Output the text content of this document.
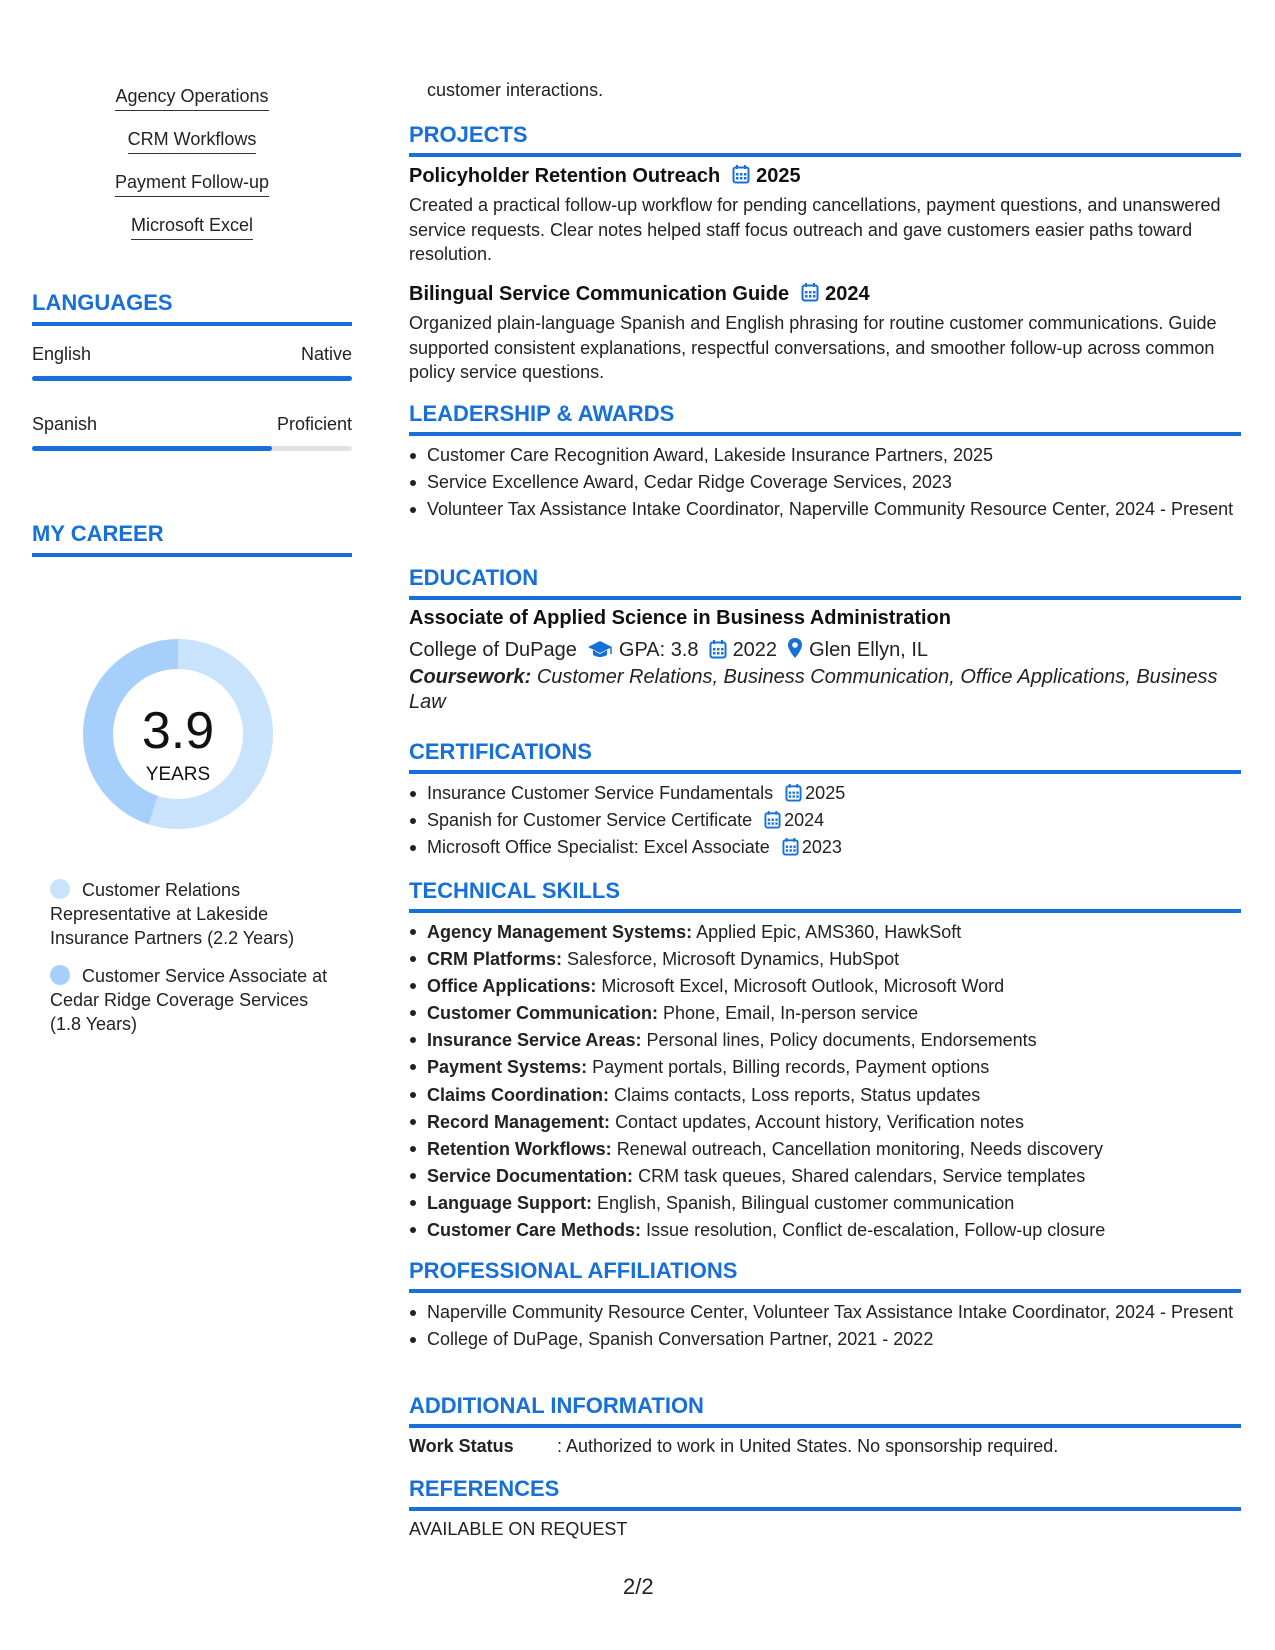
Agency Operations
CRM Workflows
Payment Follow-up
Microsoft Excel
LANGUAGES
English	Native
Spanish	Proficient
MY CAREER
3.9
YEARS
Customer Relations Representative at Lakeside Insurance Partners (2.2 Years)
Customer Service Associate at Cedar Ridge Coverage Services (1.8 Years)
customer interactions.
PROJECTS
Policyholder Retention Outreach 2025
Created a practical follow-up workflow for pending cancellations, payment questions, and unanswered service requests. Clear notes helped staff focus outreach and gave customers easier paths toward resolution.
Bilingual Service Communication Guide 2024
Organized plain-language Spanish and English phrasing for routine customer communications. Guide supported consistent explanations, respectful conversations, and smoother follow-up across common policy service questions.
LEADERSHIP & AWARDS
Customer Care Recognition Award, Lakeside Insurance Partners, 2025
Service Excellence Award, Cedar Ridge Coverage Services, 2023
Volunteer Tax Assistance Intake Coordinator, Naperville Community Resource Center, 2024 - Present
EDUCATION
Associate of Applied Science in Business Administration
College of DuPage GPA: 3.8 2022 Glen Ellyn, IL
Coursework: Customer Relations, Business Communication, Office Applications, Business Law
CERTIFICATIONS
Insurance Customer Service Fundamentals 2025
Spanish for Customer Service Certificate 2024
Microsoft Office Specialist: Excel Associate 2023
TECHNICAL SKILLS
Agency Management Systems: Applied Epic, AMS360, HawkSoft
CRM Platforms: Salesforce, Microsoft Dynamics, HubSpot
Office Applications: Microsoft Excel, Microsoft Outlook, Microsoft Word
Customer Communication: Phone, Email, In-person service
Insurance Service Areas: Personal lines, Policy documents, Endorsements
Payment Systems: Payment portals, Billing records, Payment options
Claims Coordination: Claims contacts, Loss reports, Status updates
Record Management: Contact updates, Account history, Verification notes
Retention Workflows: Renewal outreach, Cancellation monitoring, Needs discovery
Service Documentation: CRM task queues, Shared calendars, Service templates
Language Support: English, Spanish, Bilingual customer communication
Customer Care Methods: Issue resolution, Conflict de-escalation, Follow-up closure
PROFESSIONAL AFFILIATIONS
Naperville Community Resource Center, Volunteer Tax Assistance Intake Coordinator, 2024 - Present
College of DuPage, Spanish Conversation Partner, 2021 - 2022
ADDITIONAL INFORMATION
Work Status : Authorized to work in United States. No sponsorship required.
REFERENCES
AVAILABLE ON REQUEST
2/2
